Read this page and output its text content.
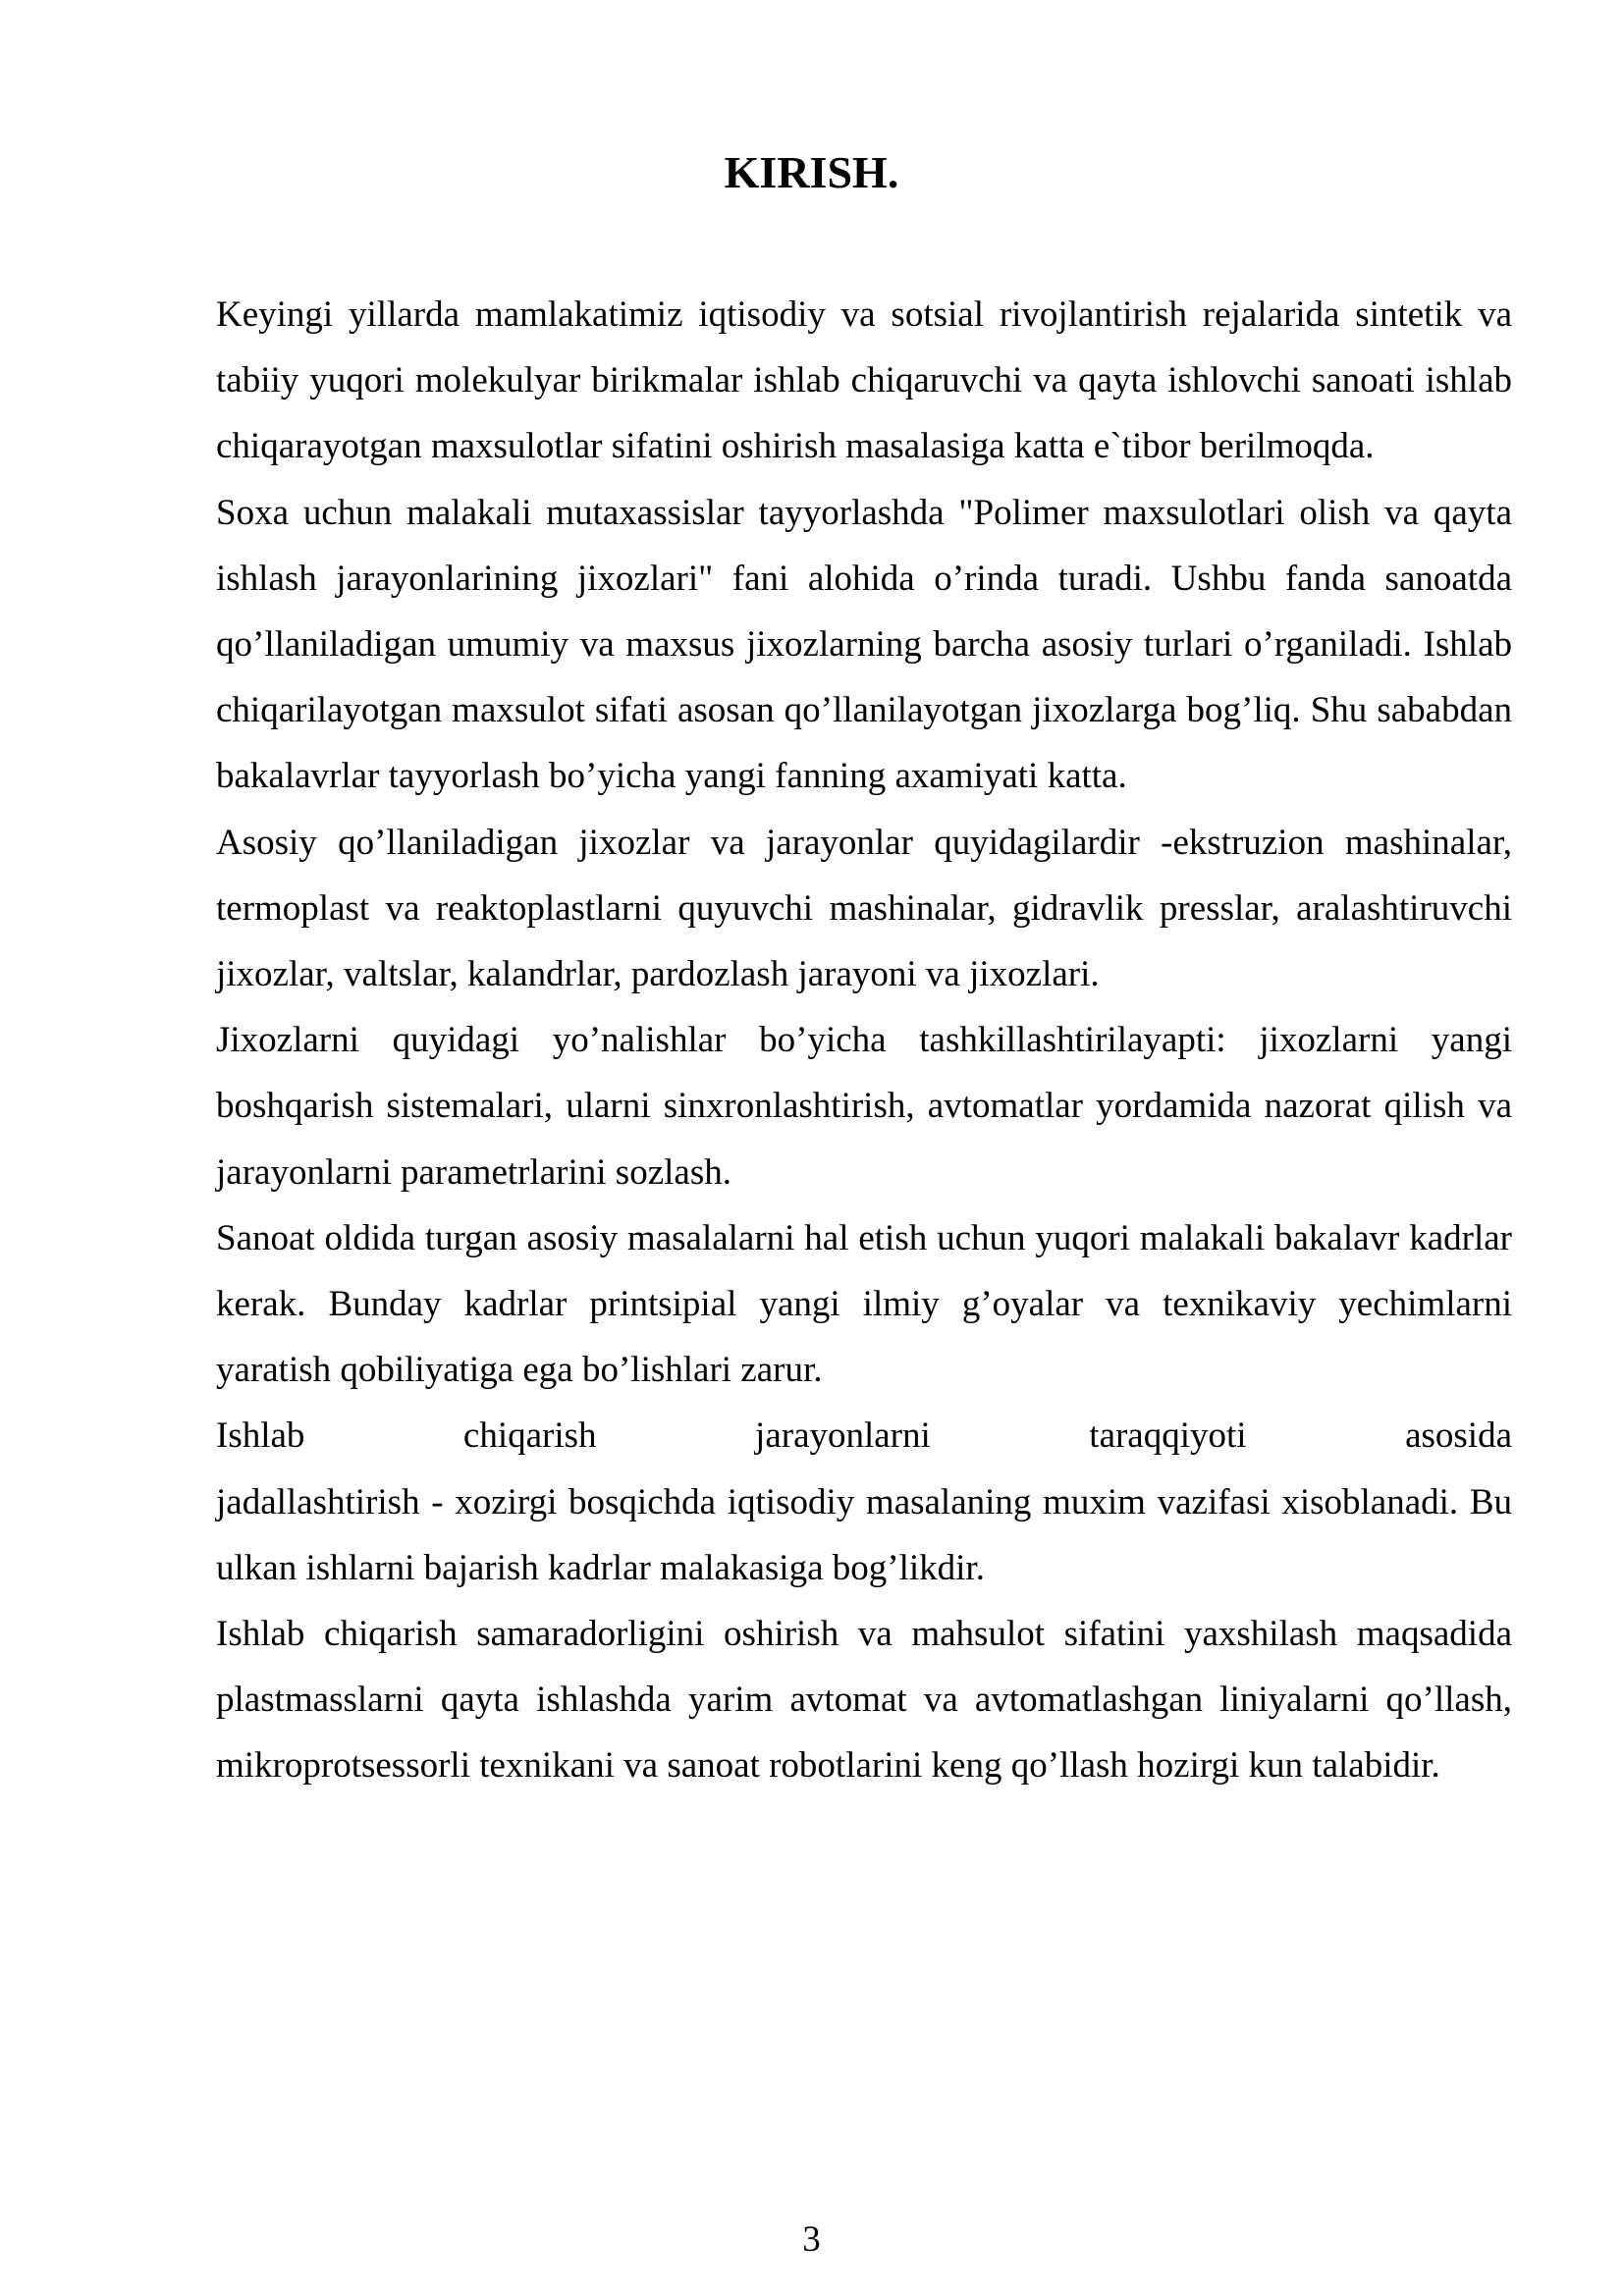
KIRISH.

Keyingi yillarda mamlakatimiz iqtisodiy va sotsial rivojlantirish rejalarida sintetik va tabiiy yuqori molekulyar birikmalar ishlab chiqaruvchi va qayta ishlovchi sanoati ishlab chiqarayotgan maxsulotlar sifatini oshirish masalasiga katta e`tibor berilmoqda.

Soxa uchun malakali mutaxassislar tayyorlashda "Polimer maxsulotlari olish va qayta ishlash jarayonlarining jixozlari" fani alohida o’rinda turadi. Ushbu fanda sanoatda qo’llaniladigan umumiy va maxsus jixozlarning barcha asosiy turlari o’rganiladi. Ishlab chiqarilayotgan maxsulot sifati asosan qo’llanilayotgan jixozlarga bog’liq. Shu sababdan bakalavrlar tayyorlash bo’yicha yangi fanning axamiyati katta.

Asosiy qo’llaniladigan jixozlar va jarayonlar quyidagilardir -ekstruzion mashinalar, termoplast va reaktoplastlarni quyuvchi mashinalar, gidravlik presslar, aralashtiruvchi jixozlar, valtslar, kalandrlar, pardozlash jarayoni va jixozlari.

Jixozlarni quyidagi yo’nalishlar bo’yicha tashkillashtirilayapti: jixozlarni yangi boshqarish sistemalari, ularni sinxronlashtirish, avtomatlar yordamida nazorat qilish va jarayonlarni parametrlarini sozlash.

Sanoat oldida turgan asosiy masalalarni hal etish uchun yuqori malakali bakalavr kadrlar kerak. Bunday kadrlar printsipial yangi ilmiy g’oyalar va texnikaviy yechimlarni yaratish qobiliyatiga ega bo’lishlari zarur.

Ishlab chiqarish jarayonlarni taraqqiyoti asosida

jadallashtirish - xozirgi bosqichda iqtisodiy masalaning muxim vazifasi xisoblanadi. Bu ulkan ishlarni bajarish kadrlar malakasiga bog’likdir.

Ishlab chiqarish samaradorligini oshirish va mahsulot sifatini yaxshilash maqsadida plastmasslarni qayta ishlashda yarim avtomat va avtomatlashgan liniyalarni qo’llash, mikroprotsessorli texnikani va sanoat robotlarini keng qo’llash hozirgi kun talabidir.

3
